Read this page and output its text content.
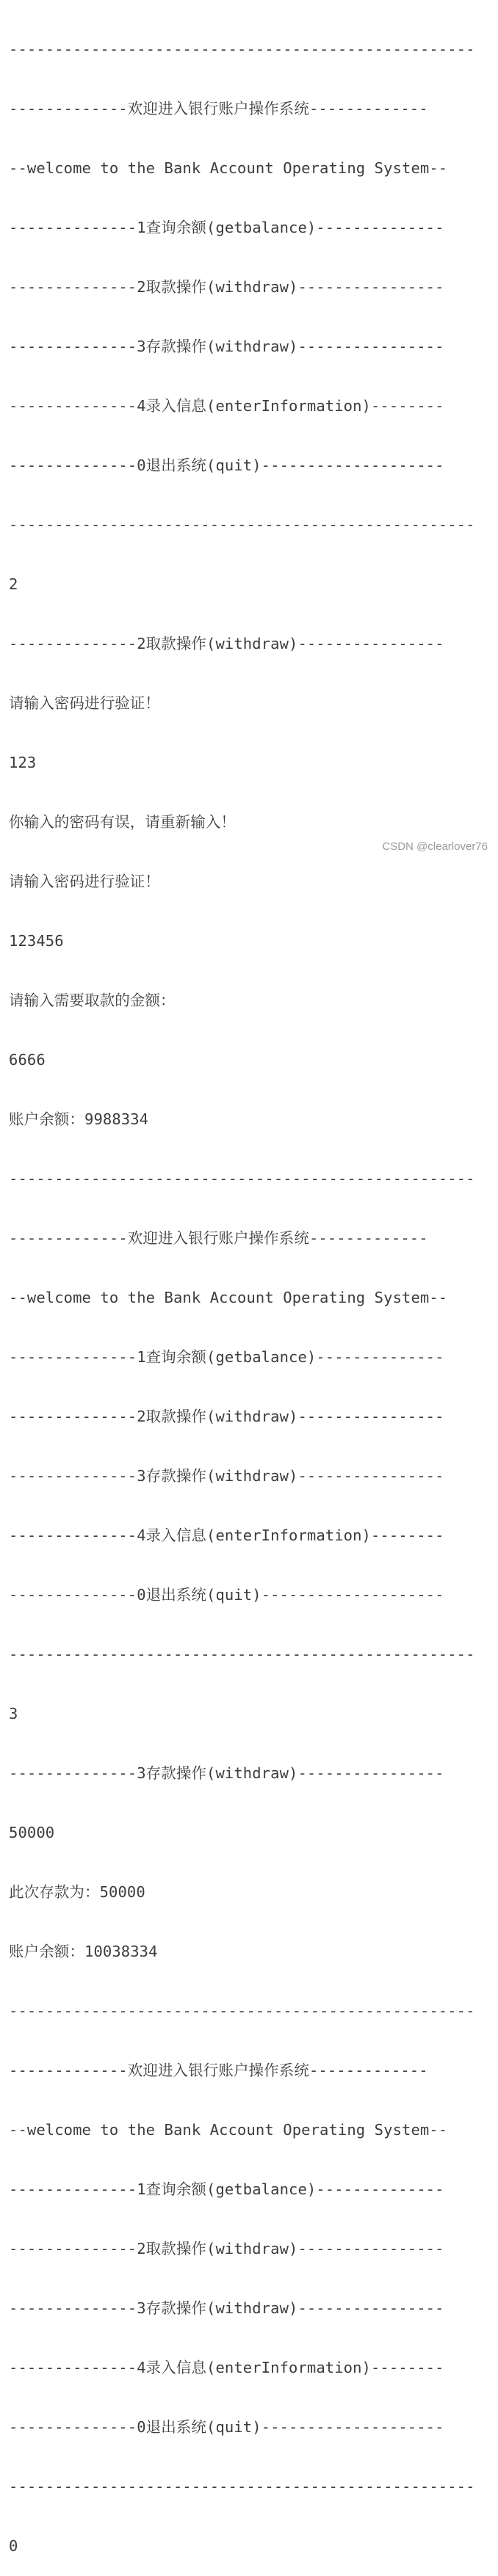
---------------------------------------------------

-------------欢迎进入银行账户操作系统-------------

--welcome to the Bank Account Operating System--

--------------1查询余额(getbalance)--------------

--------------2取款操作(withdraw)----------------

--------------3存款操作(withdraw)----------------

--------------4录入信息(enterInformation)--------

--------------0退出系统(quit)--------------------

---------------------------------------------------

2

--------------2取款操作(withdraw)----------------

请输入密码进行验证！

123

你输入的密码有误，请重新输入！

请输入密码进行验证！

123456

请输入需要取款的金额：

6666

账户余额：9988334

---------------------------------------------------

-------------欢迎进入银行账户操作系统-------------

--welcome to the Bank Account Operating System--

--------------1查询余额(getbalance)--------------

--------------2取款操作(withdraw)----------------

--------------3存款操作(withdraw)----------------

--------------4录入信息(enterInformation)--------

--------------0退出系统(quit)--------------------

---------------------------------------------------

3

--------------3存款操作(withdraw)----------------

50000

此次存款为：50000

账户余额：10038334

---------------------------------------------------

-------------欢迎进入银行账户操作系统-------------

--welcome to the Bank Account Operating System--

--------------1查询余额(getbalance)--------------

--------------2取款操作(withdraw)----------------

--------------3存款操作(withdraw)----------------

--------------4录入信息(enterInformation)--------

--------------0退出系统(quit)--------------------

---------------------------------------------------

0

CSDN @clearlover76
